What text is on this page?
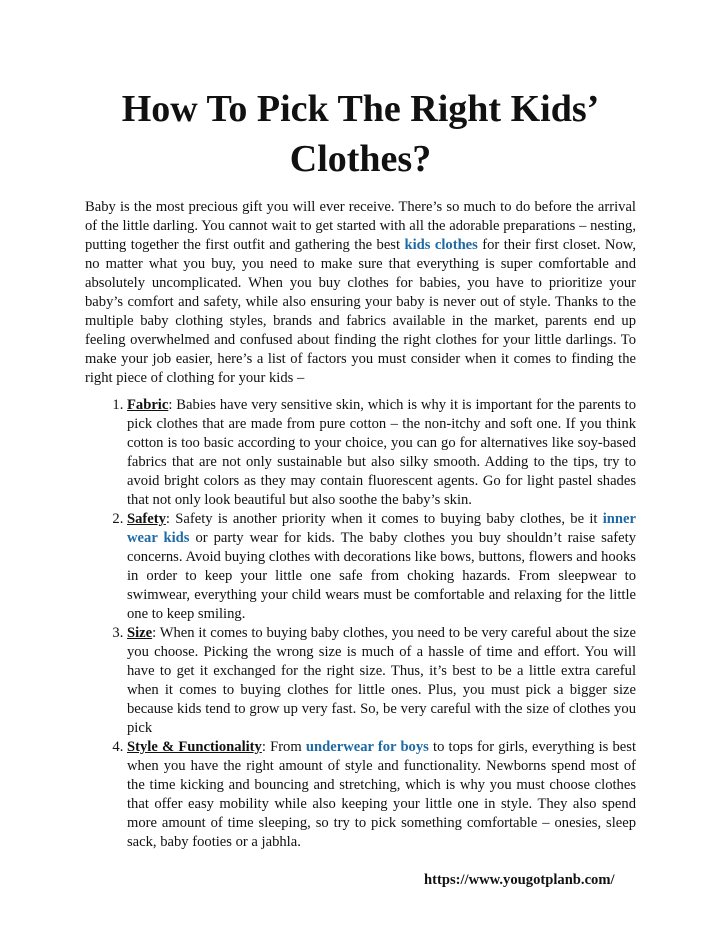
How To Pick The Right Kids’
Clothes?

Baby is the most precious gift you will ever receive. There’s so much to do before the arrival of the little darling. You cannot wait to get started with all the adorable preparations – nesting, putting together the first outfit and gathering the best kids clothes for their first closet. Now, no matter what you buy, you need to make sure that everything is super comfortable and absolutely uncomplicated. When you buy clothes for babies, you have to prioritize your baby’s comfort and safety, while also ensuring your baby is never out of style. Thanks to the multiple baby clothing styles, brands and fabrics available in the market, parents end up feeling overwhelmed and confused about finding the right clothes for your little darlings. To make your job easier, here’s a list of factors you must consider when it comes to finding the right piece of clothing for your kids –

1. Fabric: Babies have very sensitive skin, which is why it is important for the parents to pick clothes that are made from pure cotton – the non-itchy and soft one. If you think cotton is too basic according to your choice, you can go for alternatives like soy-based fabrics that are not only sustainable but also silky smooth. Adding to the tips, try to avoid bright colors as they may contain fluorescent agents. Go for light pastel shades that not only look beautiful but also soothe the baby’s skin.
2. Safety: Safety is another priority when it comes to buying baby clothes, be it inner wear kids or party wear for kids. The baby clothes you buy shouldn’t raise safety concerns. Avoid buying clothes with decorations like bows, buttons, flowers and hooks in order to keep your little one safe from choking hazards. From sleepwear to swimwear, everything your child wears must be comfortable and relaxing for the little one to keep smiling.
3. Size: When it comes to buying baby clothes, you need to be very careful about the size you choose. Picking the wrong size is much of a hassle of time and effort. You will have to get it exchanged for the right size. Thus, it’s best to be a little extra careful when it comes to buying clothes for little ones. Plus, you must pick a bigger size because kids tend to grow up very fast. So, be very careful with the size of clothes you pick
4. Style & Functionality: From underwear for boys to tops for girls, everything is best when you have the right amount of style and functionality. Newborns spend most of the time kicking and bouncing and stretching, which is why you must choose clothes that offer easy mobility while also keeping your little one in style. They also spend more amount of time sleeping, so try to pick something comfortable – onesies, sleep sack, baby footies or a jabhla.
https://www.yougotplanb.com/
